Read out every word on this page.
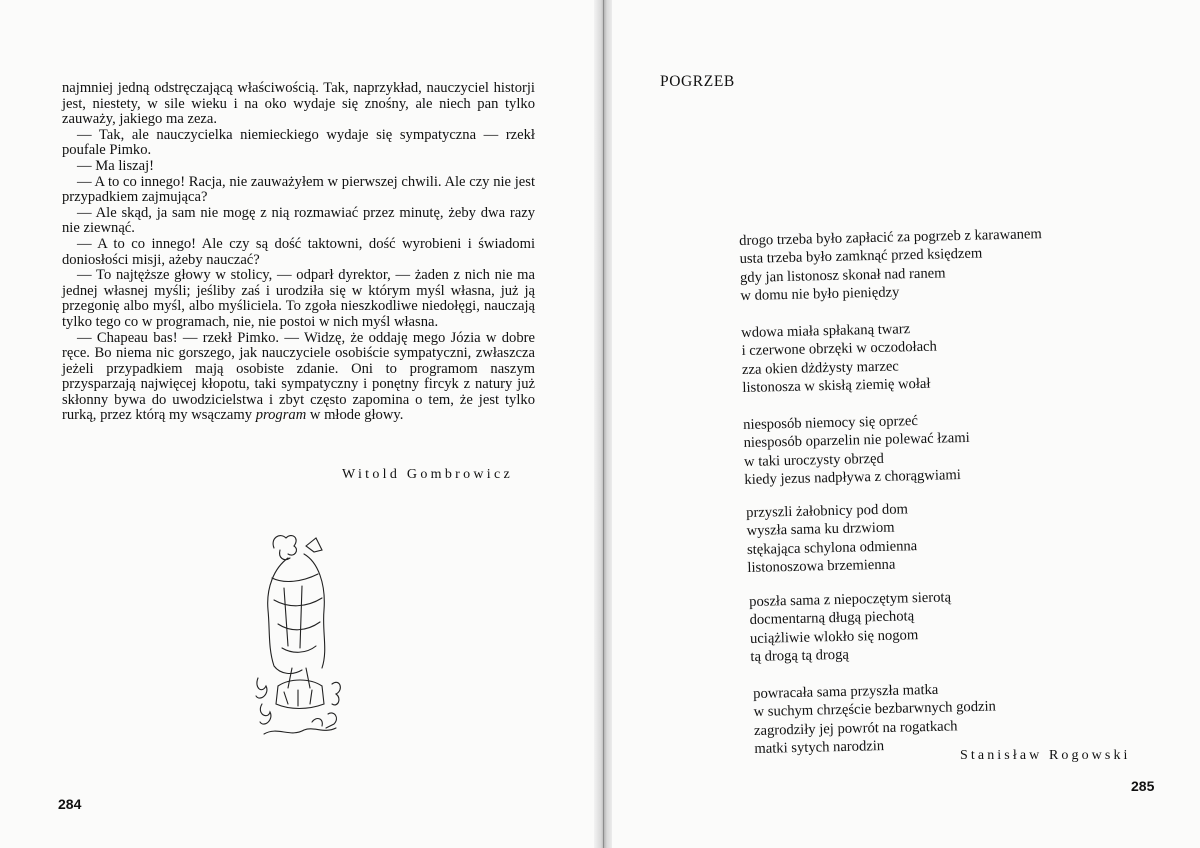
najmniej jedną odstręczającą właściwością. Tak, naprzykład, nauczyciel historji jest, niestety, w sile wieku i na oko wydaje się znośny, ale niech pan tylko zauważy, jakiego ma zeza.

— Tak, ale nauczycielka niemieckiego wydaje się sympatyczna — rzekł poufale Pimko.

— Ma liszaj!

— A to co innego! Racja, nie zauważyłem w pierwszej chwili. Ale czy nie jest przypadkiem zajmująca?

— Ale skąd, ja sam nie mogę z nią rozmawiać przez minutę, żeby dwa razy nie ziewnąć.

— A to co innego! Ale czy są dość taktowni, dość wyrobieni i świadomi doniosłości misji, ażeby nauczać?

— To najtęższe głowy w stolicy, — odparł dyrektor, — żaden z nich nie ma jednej własnej myśli; jeśliby zaś i urodziła się w którym myśl własna, już ją przegonię albo myśl, albo myśliciela. To zgoła nieszkodliwe niedołęgi, nauczają tylko tego co w programach, nie, nie postoi w nich myśl własna.

— Chapeau bas! — rzekł Pimko. — Widzę, że oddaję mego Józia w dobre ręce. Bo niema nic gorszego, jak nauczyciele osobiście sympatyczni, zwłaszcza jeżeli przypadkiem mają osobiste zdanie. Oni to programom naszym przysparzają najwięcej kłopotu, taki sympatyczny i ponętny fircyk z natury już skłonny bywa do uwodzicielstwa i zbyt często zapomina o tem, że jest tylko rurką, przez którą my wsączamy program w młode głowy.

Witold Gombrowicz
284
POGRZEB
drogo trzeba było zapłacić za pogrzeb z karawanem
usta trzeba było zamknąć przed księdzem
gdy jan listonosz skonał nad ranem
w domu nie było pieniędzy
wdowa miała spłakaną twarz
i czerwone obrzęki w oczodołach
zza okien dżdżysty marzec
listonosza w skisłą ziemię wołał
niesposób niemocy się oprzeć
niesposób oparzelin nie polewać łzami
w taki uroczysty obrzęd
kiedy jezus nadpływa z chorągwiami
przyszli żałobnicy pod dom
wyszła sama ku drzwiom
stękająca schylona odmienna
listonoszowa brzemienna
poszła sama z niepoczętym sierotą
docmentarną długą piechotą
uciążliwie wlokło się nogom
tą drogą tą drogą
powracała sama przyszła matka
w suchym chrzęście bezbarwnych godzin
zagrodziły jej powrót na rogatkach
matki sytych narodzin	Stanisław Rogowski
285
